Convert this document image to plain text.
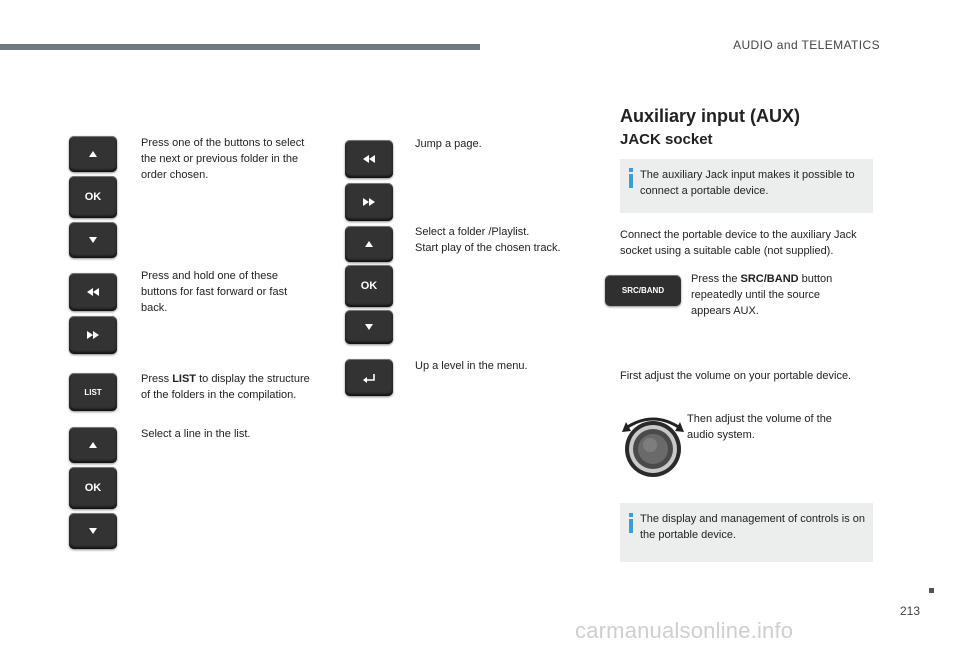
AUDIO and TELEMATICS
OK
Press one of the buttons to select the next or previous folder in the order chosen.
Press and hold one of these buttons for fast forward or fast back.
LIST
Press LIST to display the structure of the folders in the compilation.
Select a line in the list.
OK
Jump a page.
OK
Select a folder /Playlist.
Start play of the chosen track.
Up a level in the menu.
Auxiliary input (AUX)
JACK socket
The auxiliary Jack input makes it possible to connect a portable device.
Connect the portable device to the auxiliary Jack socket using a suitable cable (not supplied).
SRC/BAND
Press the SRC/BAND button repeatedly until the source appears AUX.
First adjust the volume on your portable device.
Then adjust the volume of the audio system.
The display and management of controls is on the portable device.
213
carmanualsonline.info
